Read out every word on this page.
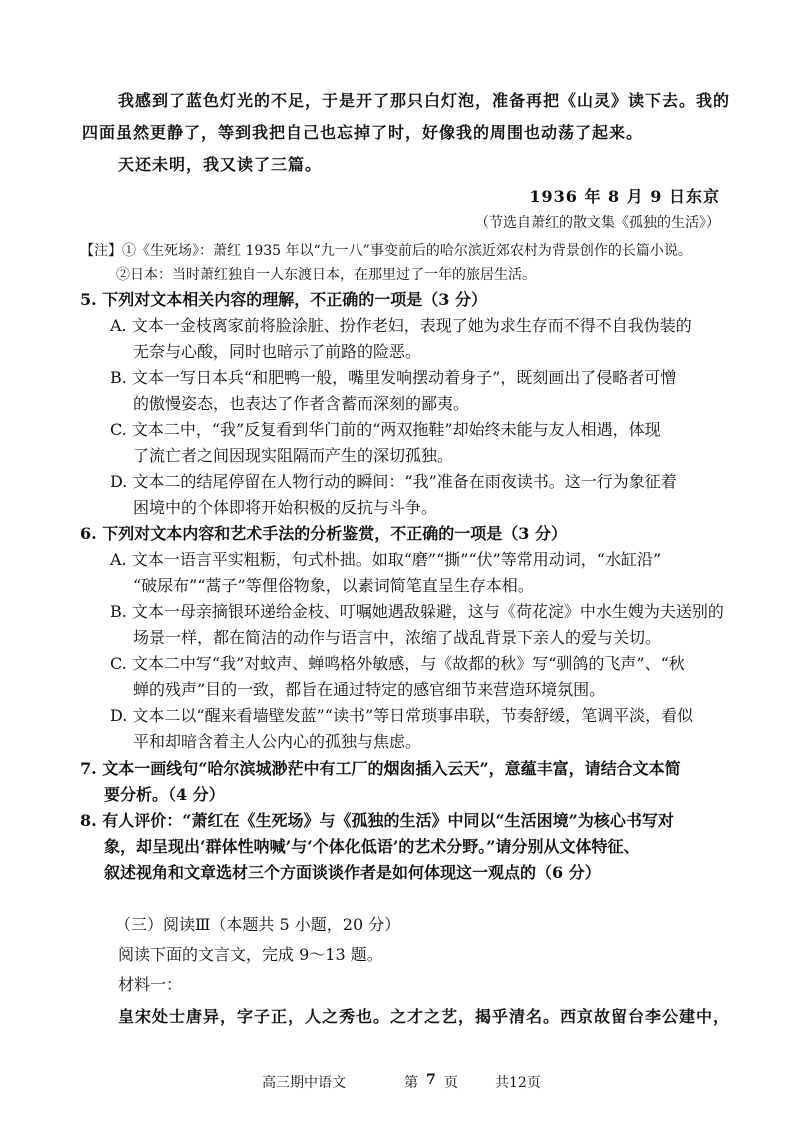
我感到了蓝色灯光的不足，于是开了那只白灯泡，准备再把《山灵》读下去。我的
四面虽然更静了，等到我把自己也忘掉了时，好像我的周围也动荡了起来。
天还未明，我又读了三篇。
1936 年 8 月 9 日东京
（节选自萧红的散文集《孤独的生活》）
【注】①《生死场》：萧红 1935 年以“九一八”事变前后的哈尔滨近郊农村为背景创作的长篇小说。
②日本：当时萧红独自一人东渡日本，在那里过了一年的旅居生活。
5. 下列对文本相关内容的理解，不正确的一项是（3 分）
A. 文本一金枝离家前将脸涂脏、扮作老妇，表现了她为求生存而不得不自我伪装的
无奈与心酸，同时也暗示了前路的险恶。
B. 文本一写日本兵“和肥鸭一般，嘴里发响摆动着身子”，既刻画出了侵略者可憎
的傲慢姿态，也表达了作者含蓄而深刻的鄙夷。
C. 文本二中，“我”反复看到华门前的“两双拖鞋”却始终未能与友人相遇，体现
了流亡者之间因现实阻隔而产生的深切孤独。
D. 文本二的结尾停留在人物行动的瞬间：“我”准备在雨夜读书。这一行为象征着
困境中的个体即将开始积极的反抗与斗争。
6. 下列对文本内容和艺术手法的分析鉴赏，不正确的一项是（3 分）
A. 文本一语言平实粗粝，句式朴拙。如取“磨”“撕”“伏”等常用动词，“水缸沿”
“破尿布”“蒿子”等俚俗物象，以素词简笔直呈生存本相。
B. 文本一母亲摘银环递给金枝、叮嘱她遇敌躲避，这与《荷花淀》中水生嫂为夫送别的
场景一样，都在简洁的动作与语言中，浓缩了战乱背景下亲人的爱与关切。
C. 文本二中写“我”对蚊声、蝉鸣格外敏感，与《故都的秋》写“驯鸽的飞声”、“秋
蝉的残声”目的一致，都旨在通过特定的感官细节来营造环境氛围。
D. 文本二以“醒来看墙壁发蓝”“读书”等日常琐事串联，节奏舒缓，笔调平淡，看似
平和却暗含着主人公内心的孤独与焦虑。
7. 文本一画线句“哈尔滨城渺茫中有工厂的烟囱插入云天”，意蕴丰富，请结合文本简
要分析。（4 分）
8. 有人评价：“萧红在《生死场》与《孤独的生活》中同以“生活困境”为核心书写对
象，却呈现出‘群体性呐喊’与‘个体化低语’的艺术分野。”请分别从文体特征、
叙述视角和文章选材三个方面谈谈作者是如何体现这一观点的（6 分）
（三）阅读Ⅲ（本题共 5 小题，20 分）
阅读下面的文言文，完成 9～13 题。
材料一：
皇宋处士唐异，字子正，人之秀也。之才之艺，揭乎清名。西京故留台李公建中，
高三期中语文	第 7 页	共12页
